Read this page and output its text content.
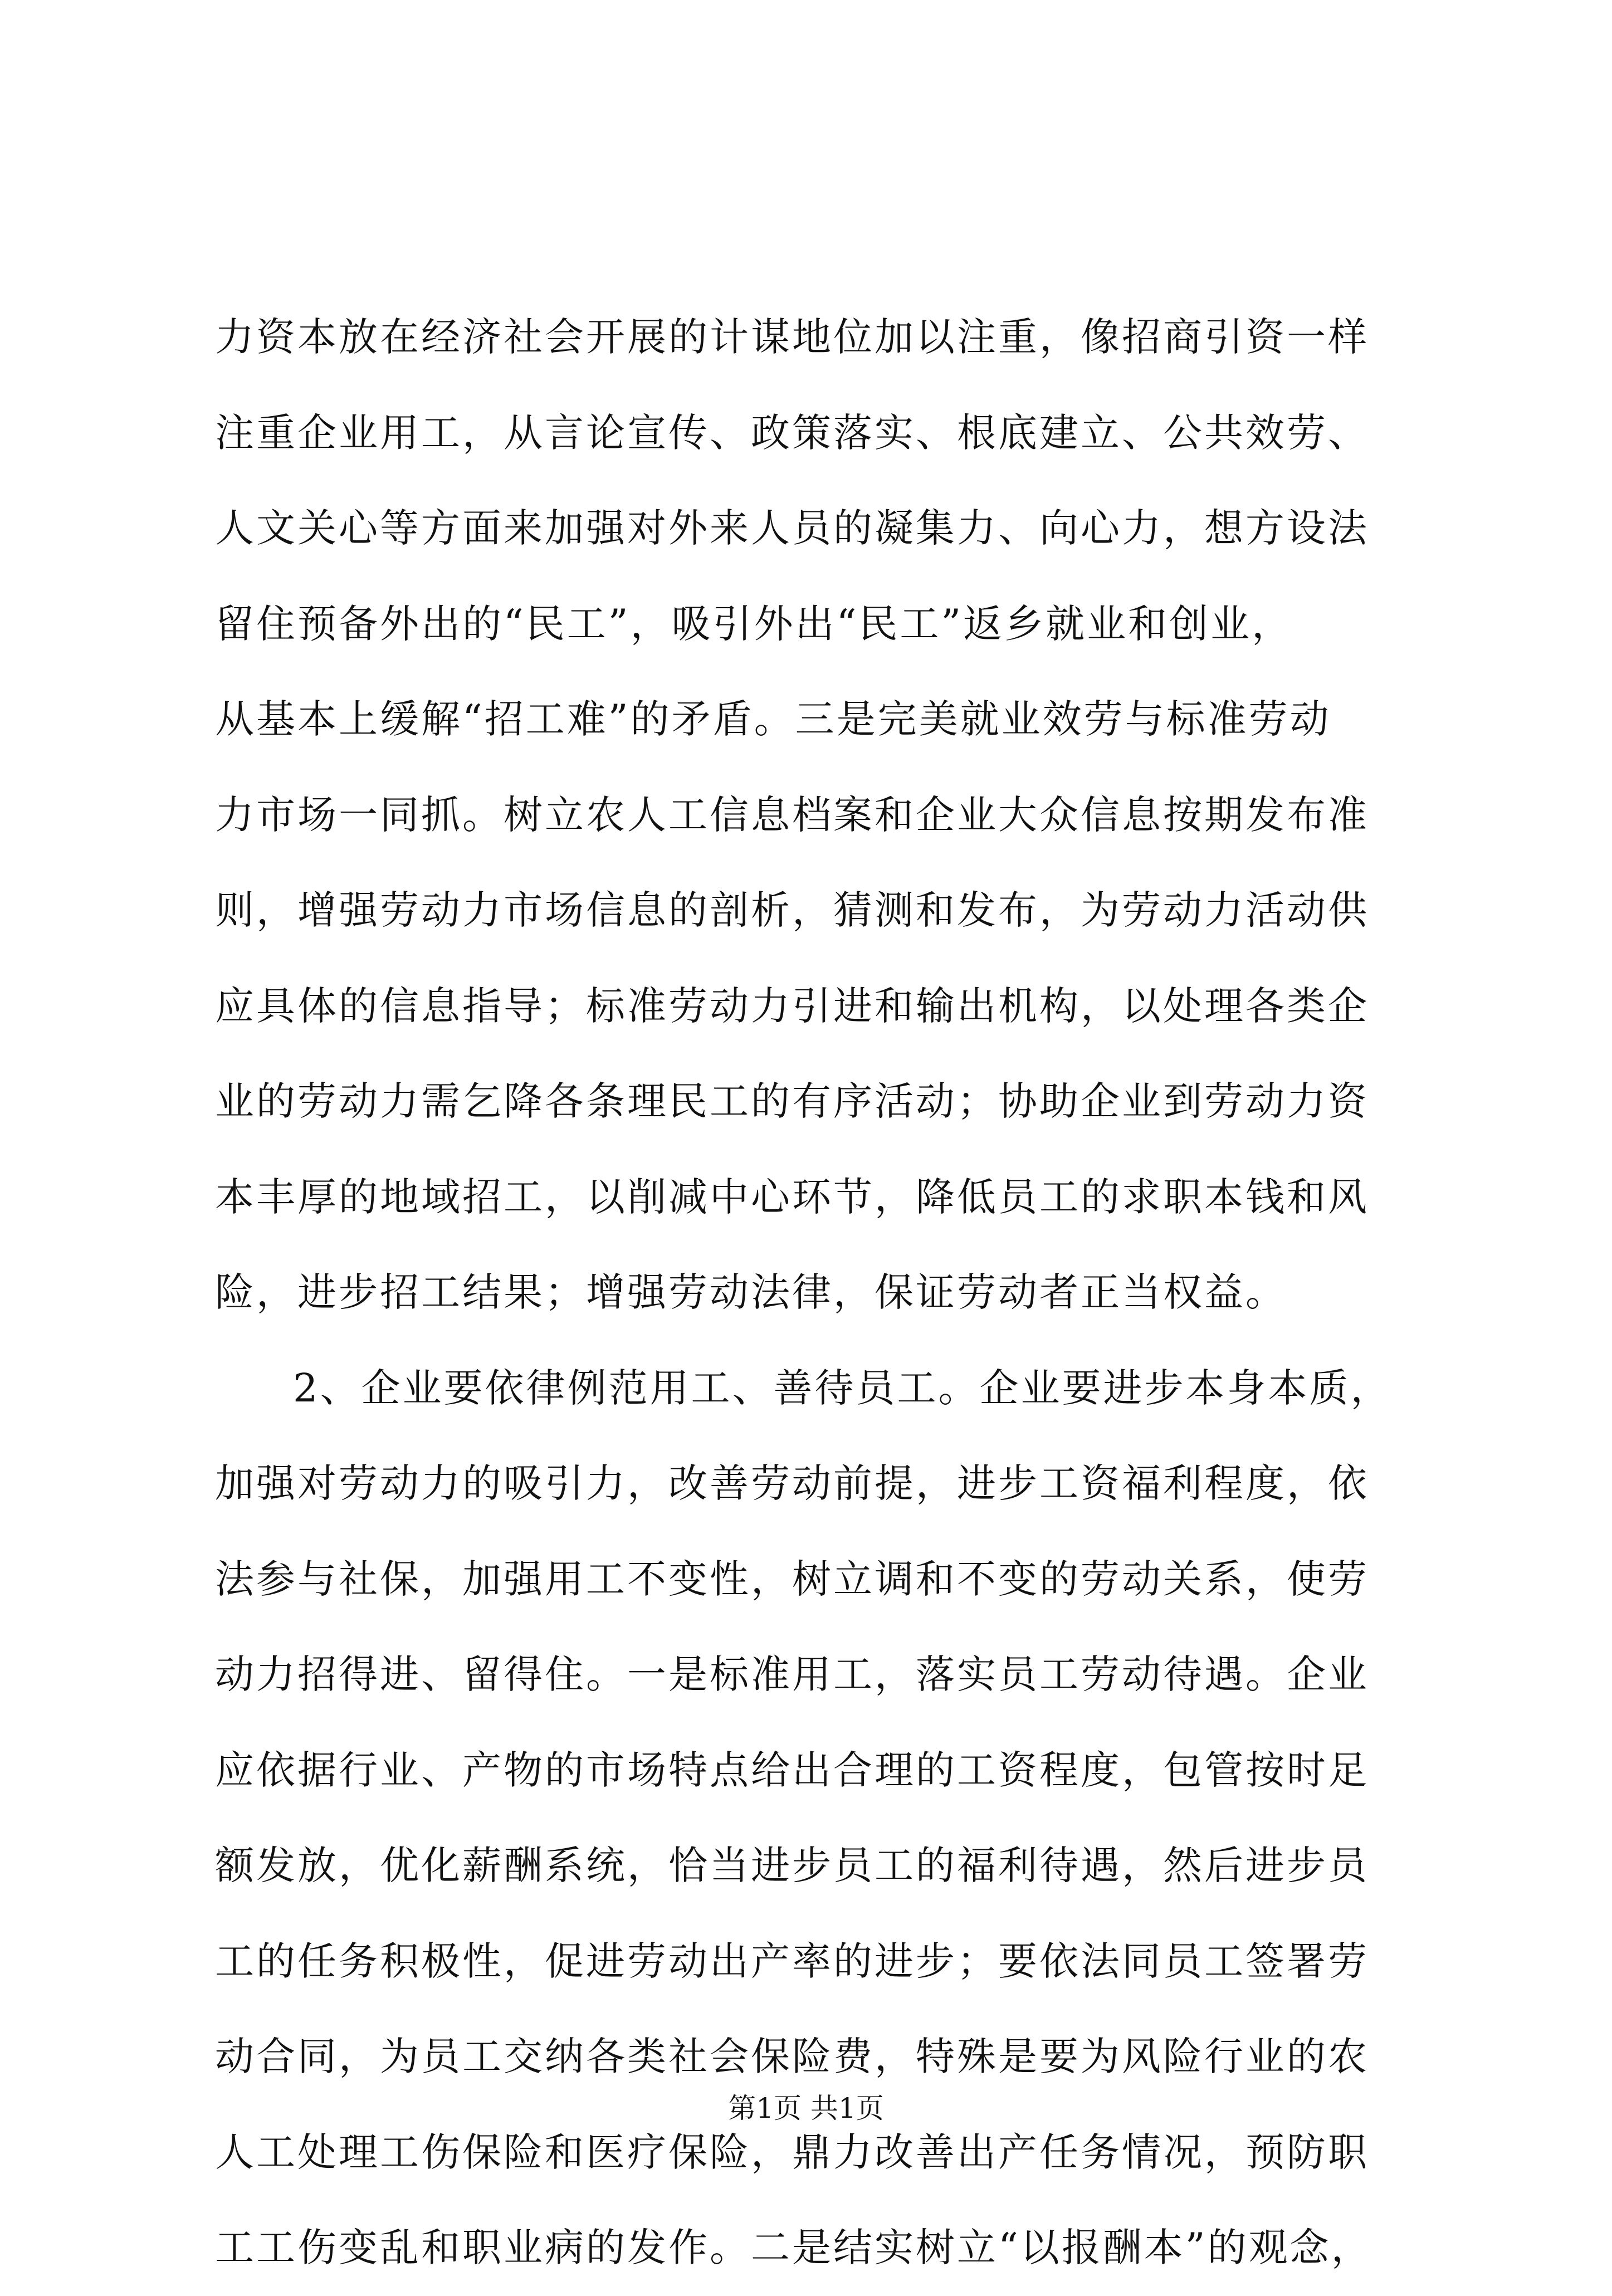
力资本放在经济社会开展的计谋地位加以注重，像招商引资一样
注重企业用工，从言论宣传、政策落实、根底建立、公共效劳、
人文关心等方面来加强对外来人员的凝集力、向心力，想方设法
留住预备外出的“民工”，吸引外出“民工”返乡就业和创业，
从基本上缓解“招工难”的矛盾。三是完美就业效劳与标准劳动
力市场一同抓。树立农人工信息档案和企业大众信息按期发布准
则，增强劳动力市场信息的剖析，猜测和发布，为劳动力活动供
应具体的信息指导；标准劳动力引进和输出机构，以处理各类企
业的劳动力需乞降各条理民工的有序活动；协助企业到劳动力资
本丰厚的地域招工，以削减中心环节，降低员工的求职本钱和风
险，进步招工结果；增强劳动法律，保证劳动者正当权益。
2、企业要依律例范用工、善待员工。企业要进步本身本质，
加强对劳动力的吸引力，改善劳动前提，进步工资福利程度，依
法参与社保，加强用工不变性，树立调和不变的劳动关系，使劳
动力招得进、留得住。一是标准用工，落实员工劳动待遇。企业
应依据行业、产物的市场特点给出合理的工资程度，包管按时足
额发放，优化薪酬系统，恰当进步员工的福利待遇，然后进步员
工的任务积极性，促进劳动出产率的进步；要依法同员工签署劳
动合同，为员工交纳各类社会保险费，特殊是要为风险行业的农
人工处理工伤保险和医疗保险，鼎力改善出产任务情况，预防职
工工伤变乱和职业病的发作。二是结实树立“以报酬本”的观念，
第1页 共1页
